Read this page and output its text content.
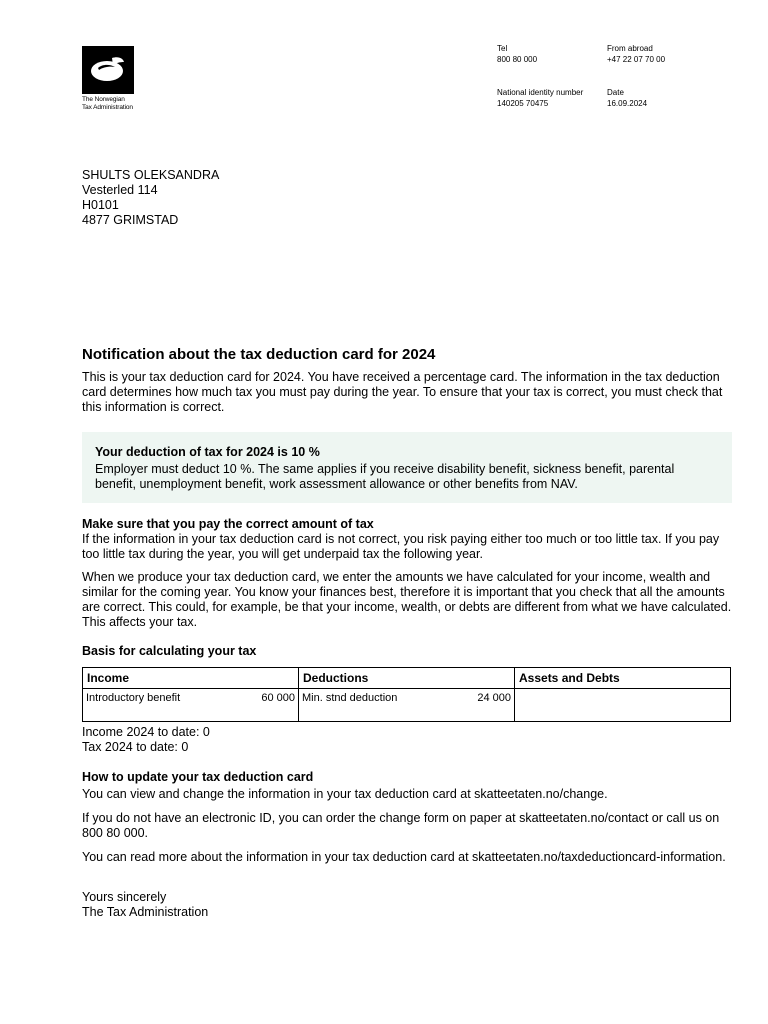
The Norwegian
Tax Administration
Tel
800 80 000
From abroad
+47 22 07 70 00
National identity number
140205 70475
Date
16.09.2024
SHULTS OLEKSANDRA
Vesterled 114
H0101
4877 GRIMSTAD
Notification about the tax deduction card for 2024

This is your tax deduction card for 2024. You have received a percentage card. The information in the tax deduction card determines how much tax you must pay during the year. To ensure that your tax is correct, you must check that this information is correct.

Your deduction of tax for 2024 is 10 %

Employer must deduct 10 %. The same applies if you receive disability benefit, sickness benefit, parental benefit, unemployment benefit, work assessment allowance or other benefits from NAV.

Make sure that you pay the correct amount of tax

If the information in your tax deduction card is not correct, you risk paying either too much or too little tax. If you pay too little tax during the year, you will get underpaid tax the following year.

When we produce your tax deduction card, we enter the amounts we have calculated for your income, wealth and similar for the coming year. You know your finances best, therefore it is important that you check that all the amounts are correct. This could, for example, be that your income, wealth, or debts are different from what we have calculated. This affects your tax.

Basis for calculating your tax
Income	Deductions	Assets and Debts

Introductory benefit 60 000	Min. stnd deduction 24 000	

Income 2024 to date: 0
Tax 2024 to date: 0
How to update your tax deduction card

You can view and change the information in your tax deduction card at skatteetaten.no/change.

If you do not have an electronic ID, you can order the change form on paper at skatteetaten.no/contact or call us on 800 80 000.

You can read more about the information in your tax deduction card at skatteetaten.no/taxdeductioncard-information.

Yours sincerely
The Tax Administration
